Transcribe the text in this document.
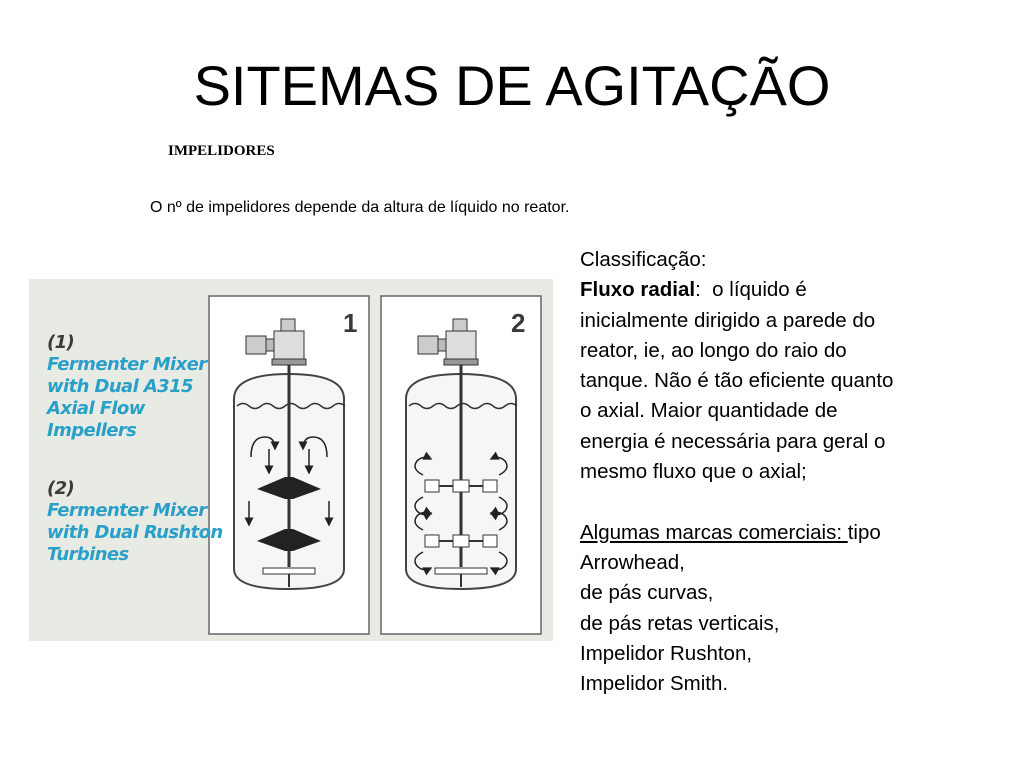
SITEMAS DE AGITAÇÃO
IMPELIDORES
O nº de impelidores depende da altura de líquido no reator.
1	2
(1)
Fermenter Mixer
with Dual A315
Axial Flow
Impellers
(2)
Fermenter Mixer
with Dual Rushton
Turbines

Classificação:

Fluxo radial: o líquido é

inicialmente dirigido a parede do

reator, ie, ao longo do raio do

tanque. Não é tão eficiente quanto

o axial. Maior quantidade de

energia é necessária para geral o

mesmo fluxo que o axial;

Algumas marcas comerciais: tipo

Arrowhead,

de pás curvas,

de pás retas verticais,

Impelidor Rushton,

Impelidor Smith.
